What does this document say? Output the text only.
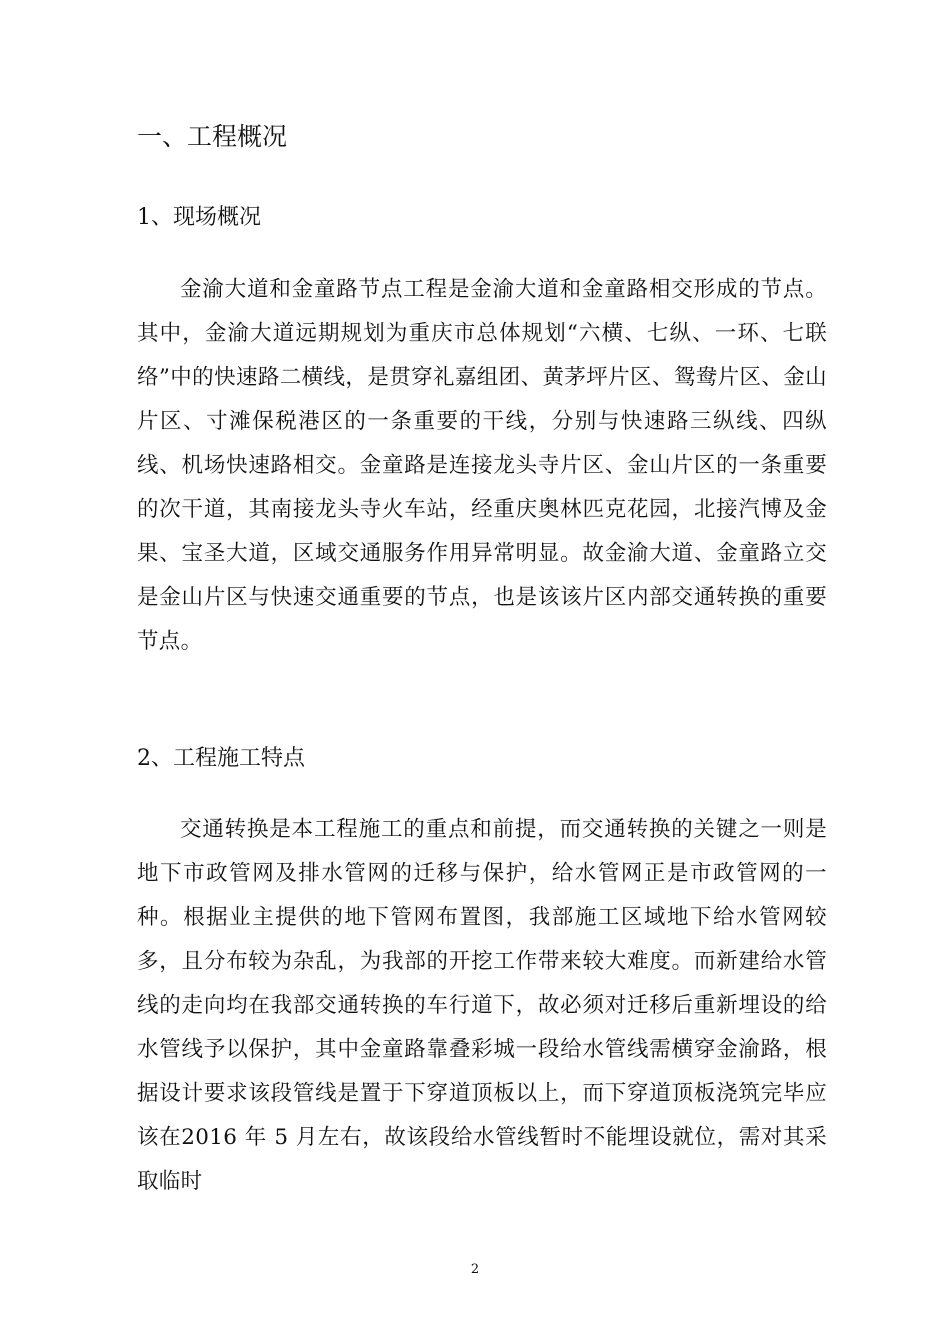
一、工程概况
1、现场概况

金渝大道和金童路节点工程是金渝大道和金童路相交形成的节点。其中，金渝大道远期规划为重庆市总体规划“六横、七纵、一环、七联络”中的快速路二横线，是贯穿礼嘉组团、黄茅坪片区、鸳鸯片区、金山片区、寸滩保税港区的一条重要的干线，分别与快速路三纵线、四纵线、机场快速路相交。金童路是连接龙头寺片区、金山片区的一条重要的次干道，其南接龙头寺火车站，经重庆奥林匹克花园，北接汽博及金果、宝圣大道，区域交通服务作用异常明显。故金渝大道、金童路立交是金山片区与快速交通重要的节点，也是该该片区内部交通转换的重要节点。

2、工程施工特点

交通转换是本工程施工的重点和前提，而交通转换的关键之一则是地下市政管网及排水管网的迁移与保护，给水管网正是市政管网的一种。根据业主提供的地下管网布置图，我部施工区域地下给水管网较多，且分布较为杂乱，为我部的开挖工作带来较大难度。而新建给水管线的走向均在我部交通转换的车行道下，故必须对迁移后重新埋设的给水管线予以保护，其中金童路靠叠彩城一段给水管线需横穿金渝路，根据设计要求该段管线是置于下穿道顶板以上，而下穿道顶板浇筑完毕应该在2016 年 5 月左右，故该段给水管线暂时不能埋设就位，需对其采取临时

2
